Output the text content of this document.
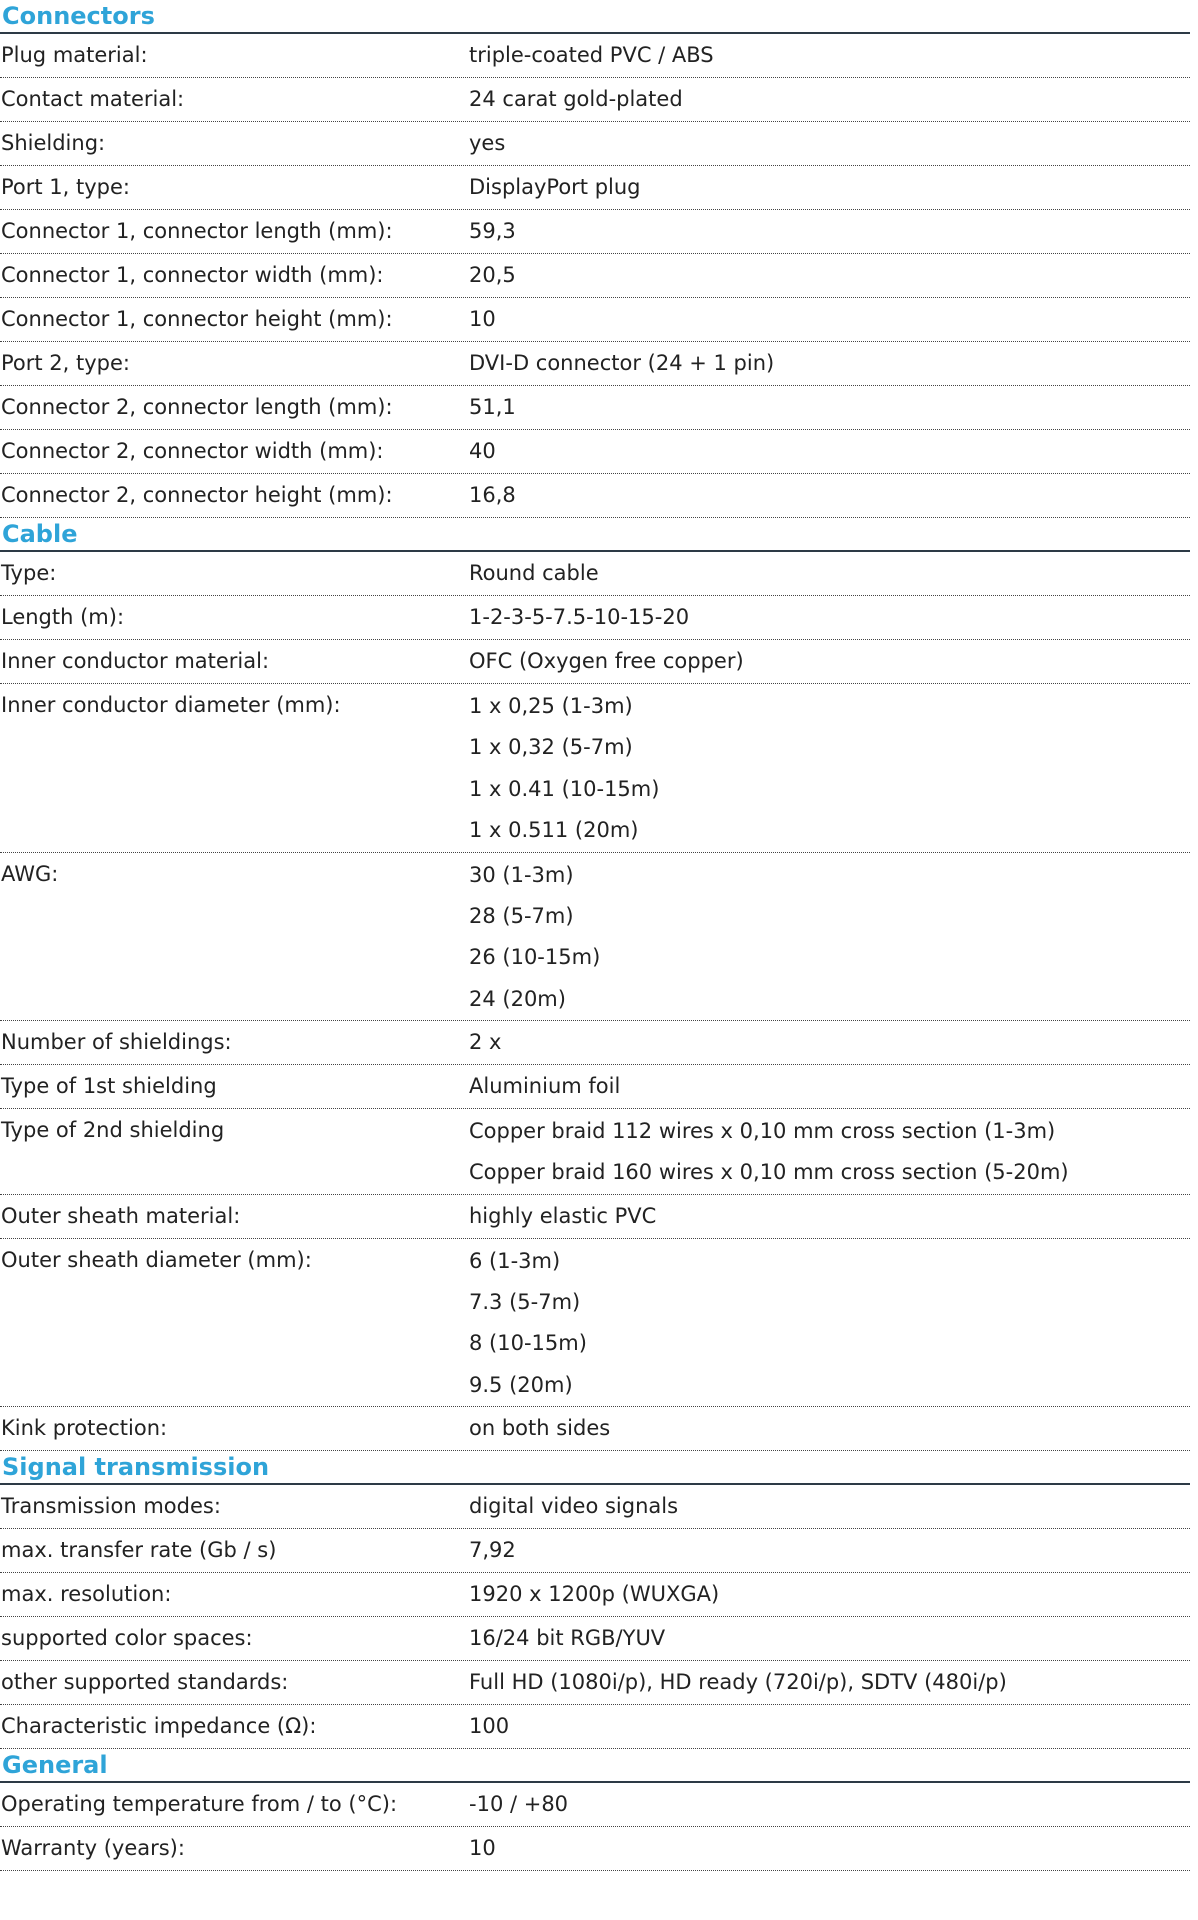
Connectors
Plug material:	triple-coated PVC / ABS
Contact material:	24 carat gold-plated
Shielding:	yes
Port 1, type:	DisplayPort plug
Connector 1, connector length (mm):	59,3
Connector 1, connector width (mm):	20,5
Connector 1, connector height (mm):	10
Port 2, type:	DVI-D connector (24 + 1 pin)
Connector 2, connector length (mm):	51,1
Connector 2, connector width (mm):	40
Connector 2, connector height (mm):	16,8
Cable
Type:	Round cable
Length (m):	1-2-3-5-7.5-10-15-20
Inner conductor material:	OFC (Oxygen free copper)
Inner conductor diameter (mm):	1 x 0,25 (1-3m)
1 x 0,32 (5-7m)
1 x 0.41 (10-15m)
1 x 0.511 (20m)
AWG:	30 (1-3m)
28 (5-7m)
26 (10-15m)
24 (20m)
Number of shieldings:	2 x
Type of 1st shielding	Aluminium foil
Type of 2nd shielding	Copper braid 112 wires x 0,10 mm cross section (1-3m)
Copper braid 160 wires x 0,10 mm cross section (5-20m)
Outer sheath material:	highly elastic PVC
Outer sheath diameter (mm):	6 (1-3m)
7.3 (5-7m)
8 (10-15m)
9.5 (20m)
Kink protection:	on both sides
Signal transmission
Transmission modes:	digital video signals
max. transfer rate (Gb / s)	7,92
max. resolution:	1920 x 1200p (WUXGA)
supported color spaces:	16/24 bit RGB/YUV
other supported standards:	Full HD (1080i/p), HD ready (720i/p), SDTV (480i/p)
Characteristic impedance (Ω):	100
General
Operating temperature from / to (°C):	-10 / +80
Warranty (years):	10
